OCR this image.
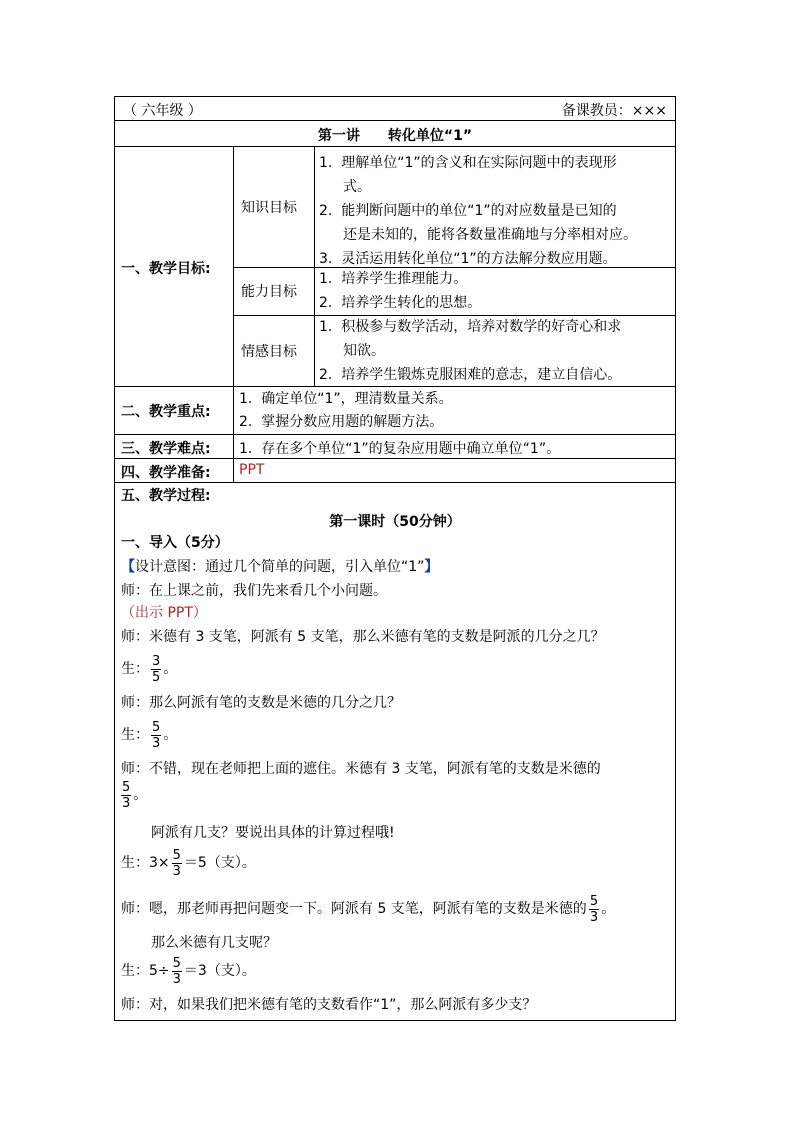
（ 六年级 ）	备课教员：×××
第一讲　　转化单位“1”
一、教学目标:
知识目标
1. 理解单位“1”的含义和在实际问题中的表现形
式。
2. 能判断问题中的单位“1”的对应数量是已知的
还是未知的，能将各数量准确地与分率相对应。
3. 灵活运用转化单位“1”的方法解分数应用题。
能力目标
1. 培养学生推理能力。
2. 培养学生转化的思想。
情感目标
1. 积极参与数学活动，培养对数学的好奇心和求
知欲。
2. 培养学生锻炼克服困难的意志，建立自信心。
二、教学重点:
1. 确定单位“1”，理清数量关系。
2. 掌握分数应用题的解题方法。
三、教学难点: 1. 存在多个单位“1”的复杂应用题中确立单位“1”。
四、教学准备: PPT
五、教学过程:
第一课时（50分钟）
一、导入（5分）
【设计意图：通过几个简单的问题，引入单位“1”】
师：在上课之前，我们先来看几个小问题。
（出示 PPT）
师：米德有 3 支笔，阿派有 5 支笔，那么米德有笔的支数是阿派的几分之几？
生： $\frac{3}{5}$ 。
师：那么阿派有笔的支数是米德的几分之几？
生： $\frac{5}{3}$ 。
师：不错，现在老师把上面的遮住。米德有 3 支笔，阿派有笔的支数是米德的
$\frac{5}{3}$ 。
阿派有几支？要说出具体的计算过程哦!
生：$3\times \frac{5}{3} =5$（支）。
师：嗯，那老师再把问题变一下。阿派有 5 支笔，阿派有笔的支数是米德的 $\frac{5}{3}$ 。
那么米德有几支呢？
生：$5\div \frac{5}{3} =3$（支）。
师：对，如果我们把米德有笔的支数看作“1”，那么阿派有多少支？
